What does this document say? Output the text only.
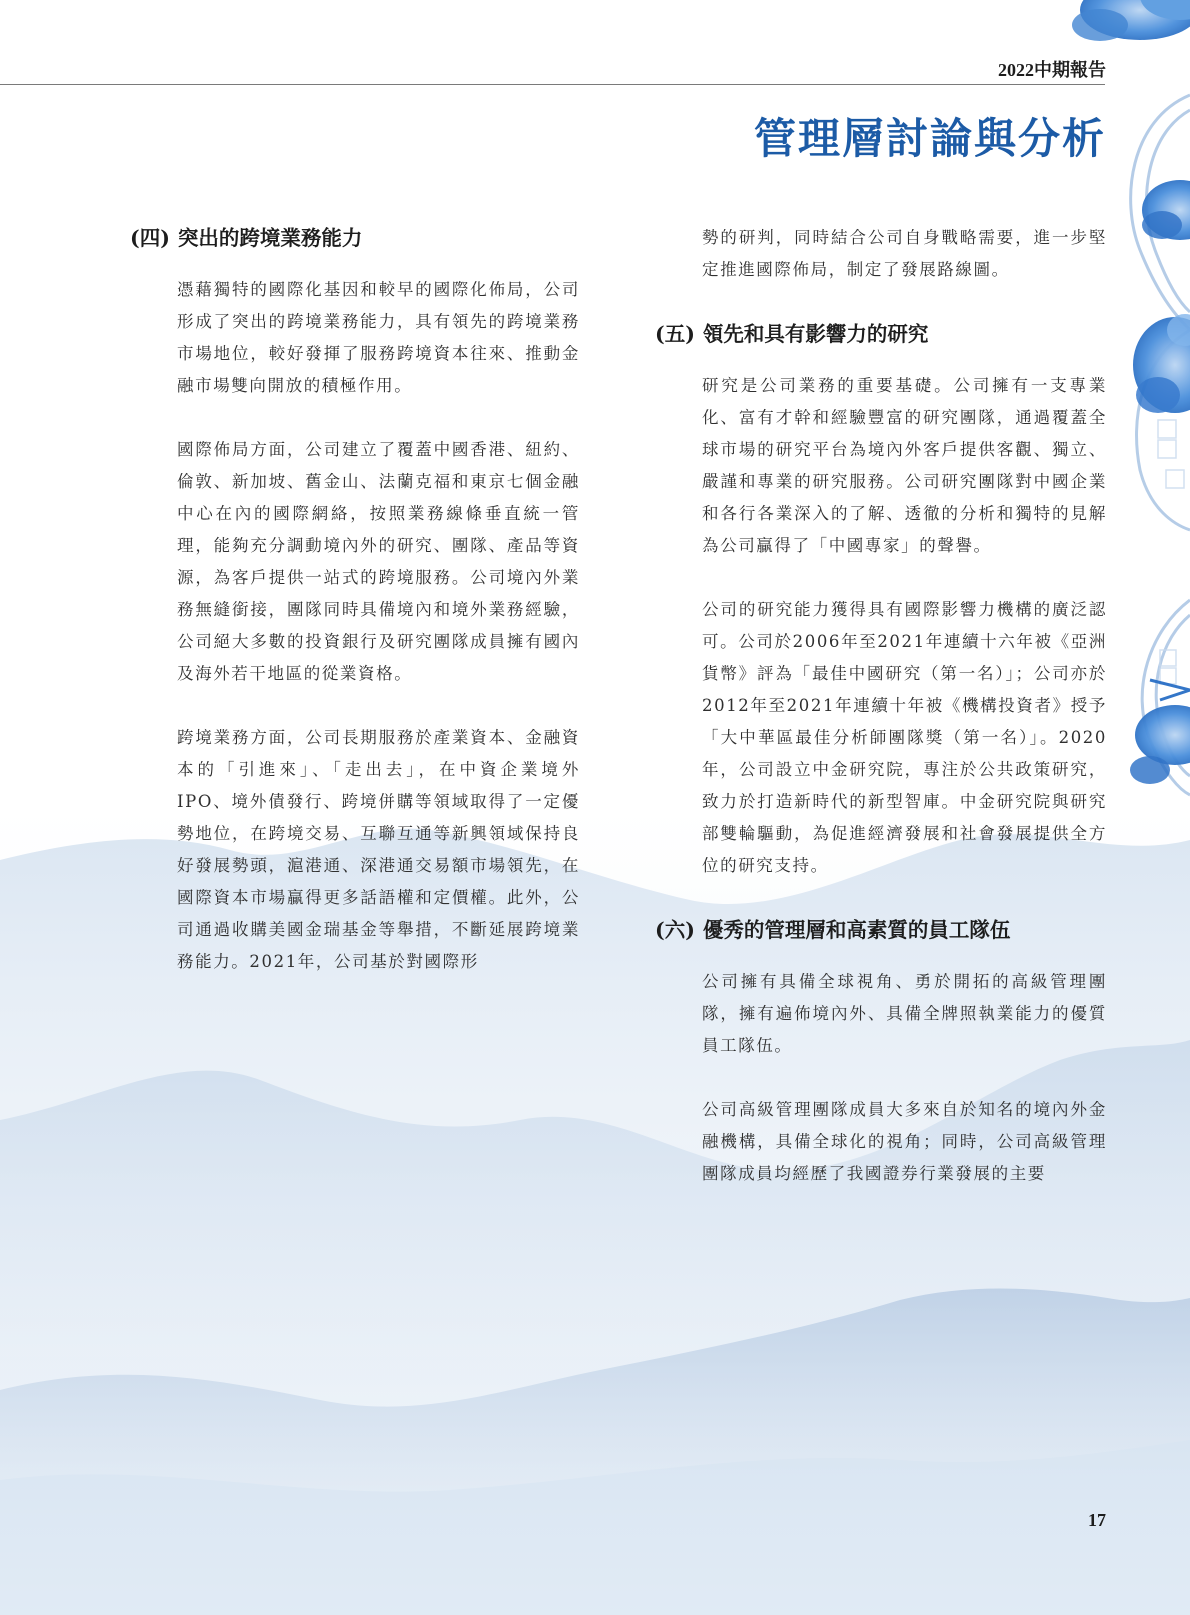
2022中期報告
管理層討論與分析
(四) 突出的跨境業務能力

憑藉獨特的國際化基因和較早的國際化佈局，公司形成了突出的跨境業務能力，具有領先的跨境業務市場地位，較好發揮了服務跨境資本往來、推動金融市場雙向開放的積極作用。

國際佈局方面，公司建立了覆蓋中國香港、紐約、倫敦、新加坡、舊金山、法蘭克福和東京七個金融中心在內的國際網絡，按照業務線條垂直統一管理，能夠充分調動境內外的研究、團隊、產品等資源，為客戶提供一站式的跨境服務。公司境內外業務無縫銜接，團隊同時具備境內和境外業務經驗，公司絕大多數的投資銀行及研究團隊成員擁有國內及海外若干地區的從業資格。

跨境業務方面，公司長期服務於產業資本、金融資本的「引進來」、「走出去」，在中資企業境外IPO、境外債發行、跨境併購等領域取得了一定優勢地位，在跨境交易、互聯互通等新興領域保持良好發展勢頭，滬港通、深港通交易額市場領先，在國際資本市場贏得更多話語權和定價權。此外，公司通過收購美國金瑞基金等舉措，不斷延展跨境業務能力。2021年，公司基於對國際形

勢的研判，同時結合公司自身戰略需要，進一步堅定推進國際佈局，制定了發展路線圖。

(五) 領先和具有影響力的研究

研究是公司業務的重要基礎。公司擁有一支專業化、富有才幹和經驗豐富的研究團隊，通過覆蓋全球市場的研究平台為境內外客戶提供客觀、獨立、嚴謹和專業的研究服務。公司研究團隊對中國企業和各行各業深入的了解、透徹的分析和獨特的見解為公司贏得了「中國專家」的聲譽。

公司的研究能力獲得具有國際影響力機構的廣泛認可。公司於2006年至2021年連續十六年被《亞洲貨幣》評為「最佳中國研究（第一名）」；公司亦於2012年至2021年連續十年被《機構投資者》授予「大中華區最佳分析師團隊獎（第一名）」。2020年，公司設立中金研究院，專注於公共政策研究，致力於打造新時代的新型智庫。中金研究院與研究部雙輪驅動，為促進經濟發展和社會發展提供全方位的研究支持。

(六) 優秀的管理層和高素質的員工隊伍

公司擁有具備全球視角、勇於開拓的高級管理團隊，擁有遍佈境內外、具備全牌照執業能力的優質員工隊伍。

公司高級管理團隊成員大多來自於知名的境內外金融機構，具備全球化的視角；同時，公司高級管理團隊成員均經歷了我國證券行業發展的主要

17
